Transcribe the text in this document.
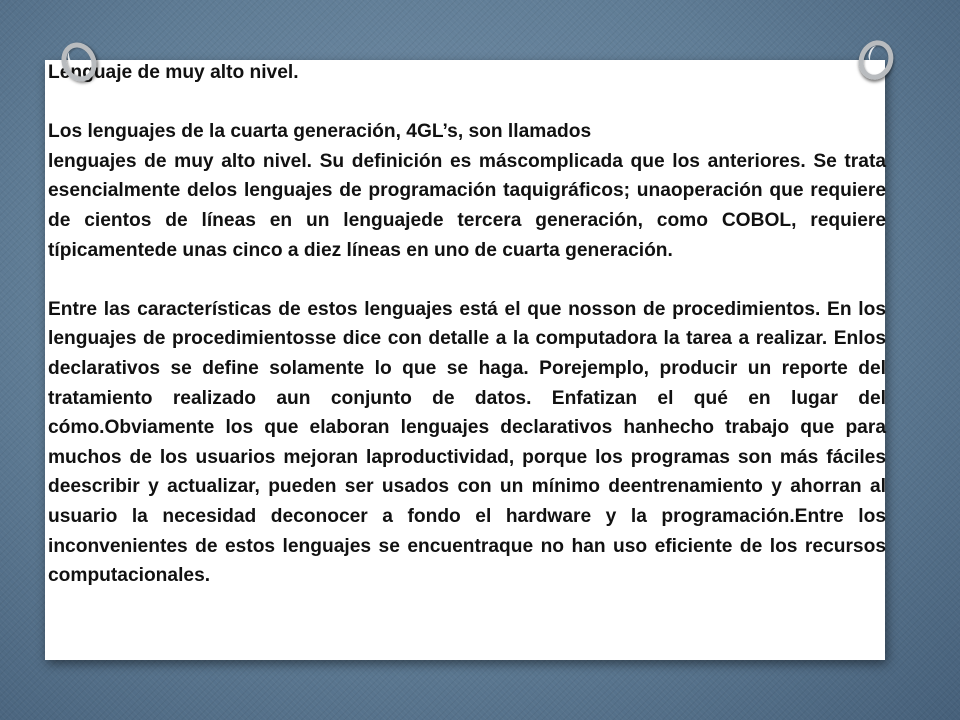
Lenguaje de muy alto nivel.

Los lenguajes de la cuarta generación, 4GL’s, son llamados

lenguajes de muy alto nivel. Su definición es máscomplicada que los anteriores. Se trata esencialmente delos lenguajes de programación taquigráficos; unaoperación que requiere de cientos de líneas en un lenguajede tercera generación, como COBOL, requiere típicamentede unas cinco a diez líneas en uno de cuarta generación.

Entre las características de estos lenguajes está el que nosson de procedimientos. En los lenguajes de procedimientosse dice con detalle a la computadora la tarea a realizar. Enlos declarativos se define solamente lo que se haga. Porejemplo, producir un reporte del tratamiento realizado aun conjunto de datos. Enfatizan el qué en lugar del cómo.Obviamente los que elaboran lenguajes declarativos hanhecho trabajo que para muchos de los usuarios mejoran laproductividad, porque los programas son más fáciles deescribir y actualizar, pueden ser usados con un mínimo deentrenamiento y ahorran al usuario la necesidad deconocer a fondo el hardware y la programación.Entre los inconvenientes de estos lenguajes se encuentraque no han uso eficiente de los recursos computacionales.
